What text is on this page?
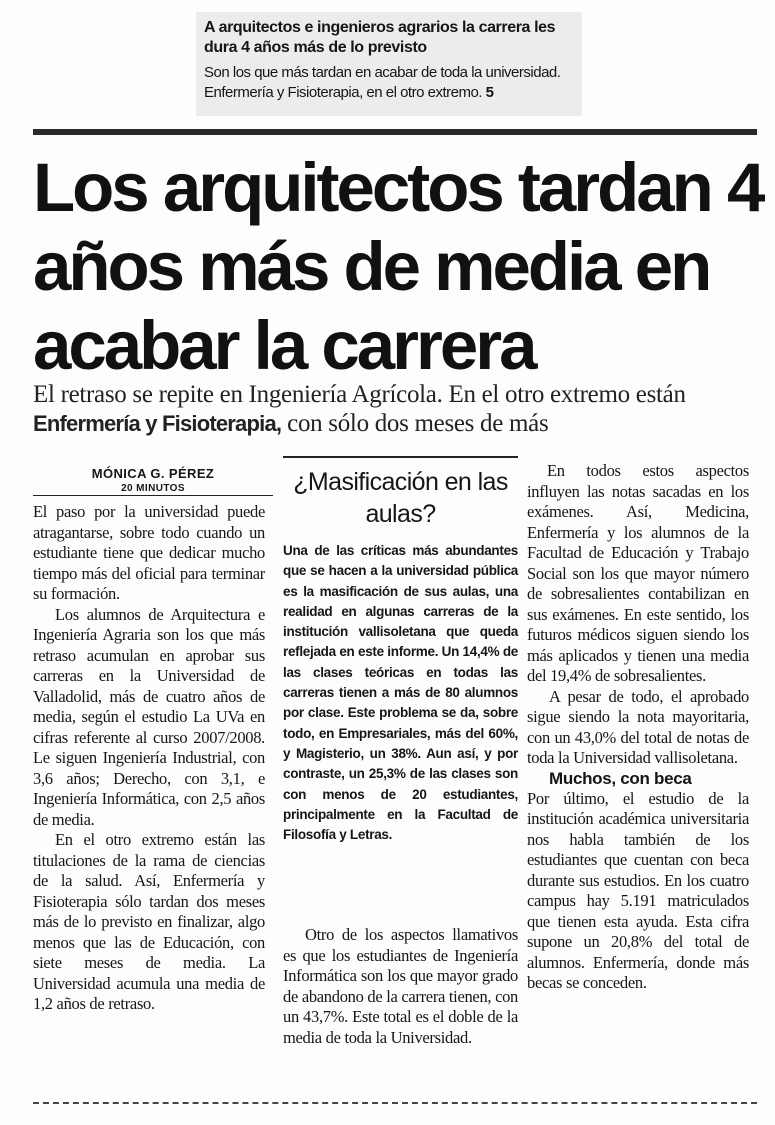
A arquitectos e ingenieros agrarios la carrera les dura 4 años más de lo previsto
Son los que más tardan en acabar de toda la universidad. Enfermería y Fisioterapia, en el otro extremo. 5
Los arquitectos tardan 4 años más de media en acabar la carrera
El retraso se repite en Ingeniería Agrícola. En el otro extremo están Enfermería y Fisioterapia, con sólo dos meses de más
MÓNICA G. PÉREZ
20 MINUTOS

El paso por la universidad puede atragantarse, sobre todo cuando un estudiante tiene que dedicar mucho tiempo más del oficial para terminar su formación.

Los alumnos de Arquitectura e Ingeniería Agraria son los que más retraso acumulan en aprobar sus carreras en la Universidad de Valladolid, más de cuatro años de media, según el estudio La UVa en cifras referente al curso 2007/2008. Le siguen Ingeniería Industrial, con 3,6 años; Derecho, con 3,1, e Ingeniería Informática, con 2,5 años de media.

En el otro extremo están las titulaciones de la rama de ciencias de la salud. Así, Enfermería y Fisioterapia sólo tardan dos meses más de lo previsto en finalizar, algo menos que las de Educación, con siete meses de media. La Universidad acumula una media de 1,2 años de retraso.

¿Masificación en las aulas?
Una de las críticas más abundantes que se hacen a la universidad pública es la masificación de sus aulas, una realidad en algunas carreras de la institución vallisoletana que queda reflejada en este informe. Un 14,4% de las clases teóricas en todas las carreras tienen a más de 80 alumnos por clase. Este problema se da, sobre todo, en Empresariales, más del 60%, y Magisterio, un 38%. Aun así, y por contraste, un 25,3% de las clases son con menos de 20 estudiantes, principalmente en la Facultad de Filosofía y Letras.

Otro de los aspectos llamativos es que los estudiantes de Ingeniería Informática son los que mayor grado de abandono de la carrera tienen, con un 43,7%. Este total es el doble de la media de toda la Universidad.

En todos estos aspectos influyen las notas sacadas en los exámenes. Así, Medicina, Enfermería y los alumnos de la Facultad de Educación y Trabajo Social son los que mayor número de sobresalientes contabilizan en sus exámenes. En este sentido, los futuros médicos siguen siendo los más aplicados y tienen una media del 19,4% de sobresalientes.

A pesar de todo, el aprobado sigue siendo la nota mayoritaria, con un 43,0% del total de notas de toda la Universidad vallisoletana.

Muchos, con beca

Por último, el estudio de la institución académica universitaria nos habla también de los estudiantes que cuentan con beca durante sus estudios. En los cuatro campus hay 5.191 matriculados que tienen esta ayuda. Esta cifra supone un 20,8% del total de alumnos. Enfermería, donde más becas se conceden.
